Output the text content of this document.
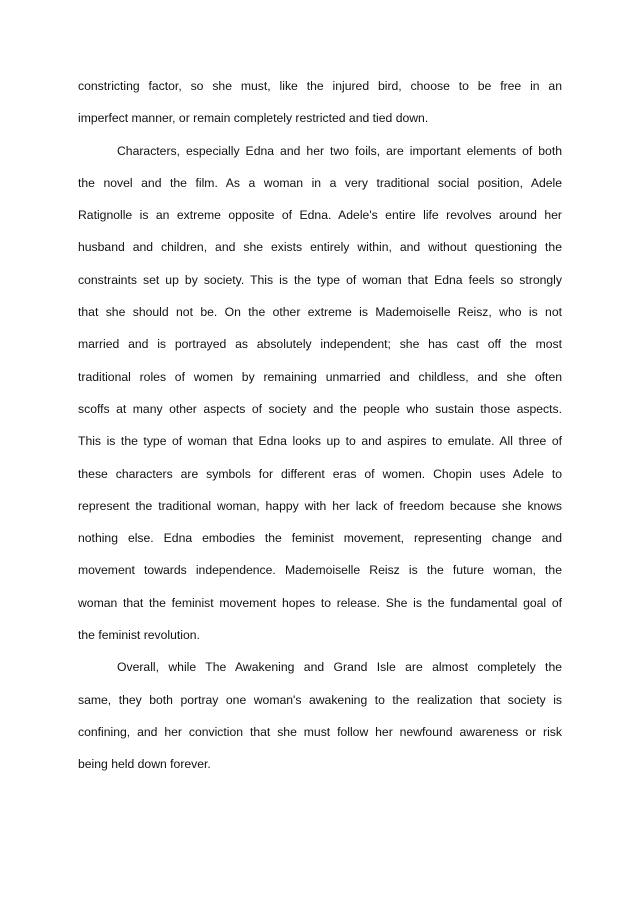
constricting factor, so she must, like the injured bird, choose to be free in an
imperfect manner, or remain completely restricted and tied down.
Characters, especially Edna and her two foils, are important elements of both
the novel and the film. As a woman in a very traditional social position, Adele
Ratignolle is an extreme opposite of Edna. Adele's entire life revolves around her
husband and children, and she exists entirely within, and without questioning the
constraints set up by society. This is the type of woman that Edna feels so strongly
that she should not be. On the other extreme is Mademoiselle Reisz, who is not
married and is portrayed as absolutely independent; she has cast off the most
traditional roles of women by remaining unmarried and childless, and she often
scoffs at many other aspects of society and the people who sustain those aspects.
This is the type of woman that Edna looks up to and aspires to emulate. All three of
these characters are symbols for different eras of women. Chopin uses Adele to
represent the traditional woman, happy with her lack of freedom because she knows
nothing else. Edna embodies the feminist movement, representing change and
movement towards independence. Mademoiselle Reisz is the future woman, the
woman that the feminist movement hopes to release. She is the fundamental goal of
the feminist revolution.
Overall, while The Awakening and Grand Isle are almost completely the
same, they both portray one woman's awakening to the realization that society is
confining, and her conviction that she must follow her newfound awareness or risk
being held down forever.
